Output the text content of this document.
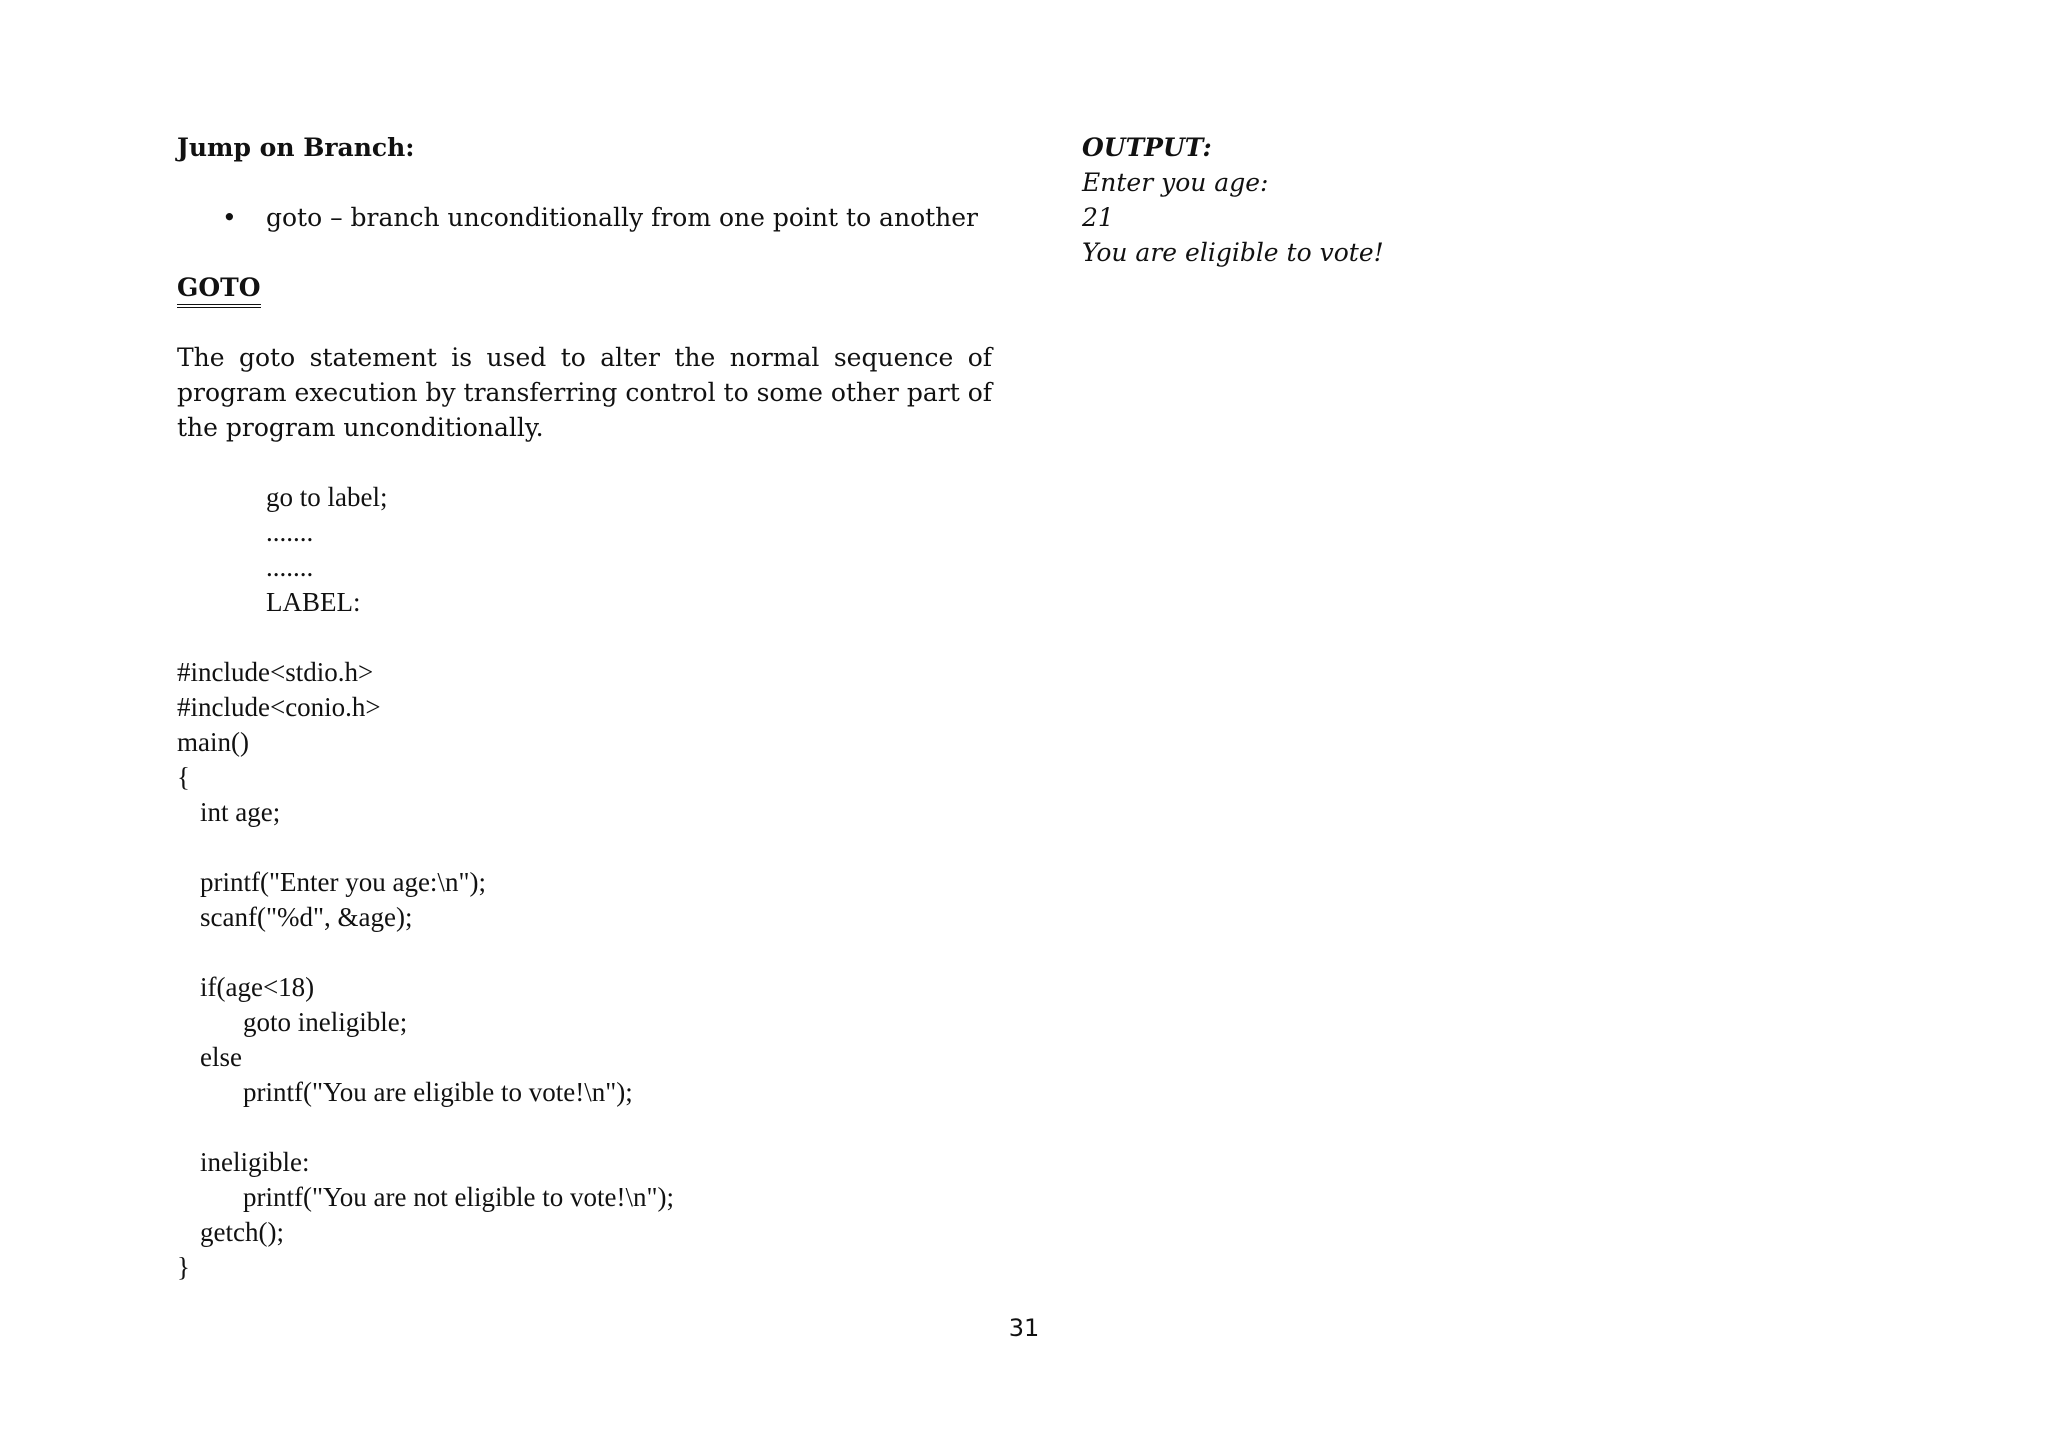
Jump on Branch:
•	goto – branch unconditionally from one point to another
GOTO
The goto statement is used to alter the normal sequence of program execution by transferring control to some other part of the program unconditionally.
go to label;
.......
.......
LABEL:
#include<stdio.h>
#include<conio.h>
main()
{
int age;
printf("Enter you age:\n");
scanf("%d", &age);
if(age<18)
goto ineligible;
else
printf("You are eligible to vote!\n");
ineligible:
printf("You are not eligible to vote!\n");
getch();
}
OUTPUT:
Enter you age:
21
You are eligible to vote!
31
